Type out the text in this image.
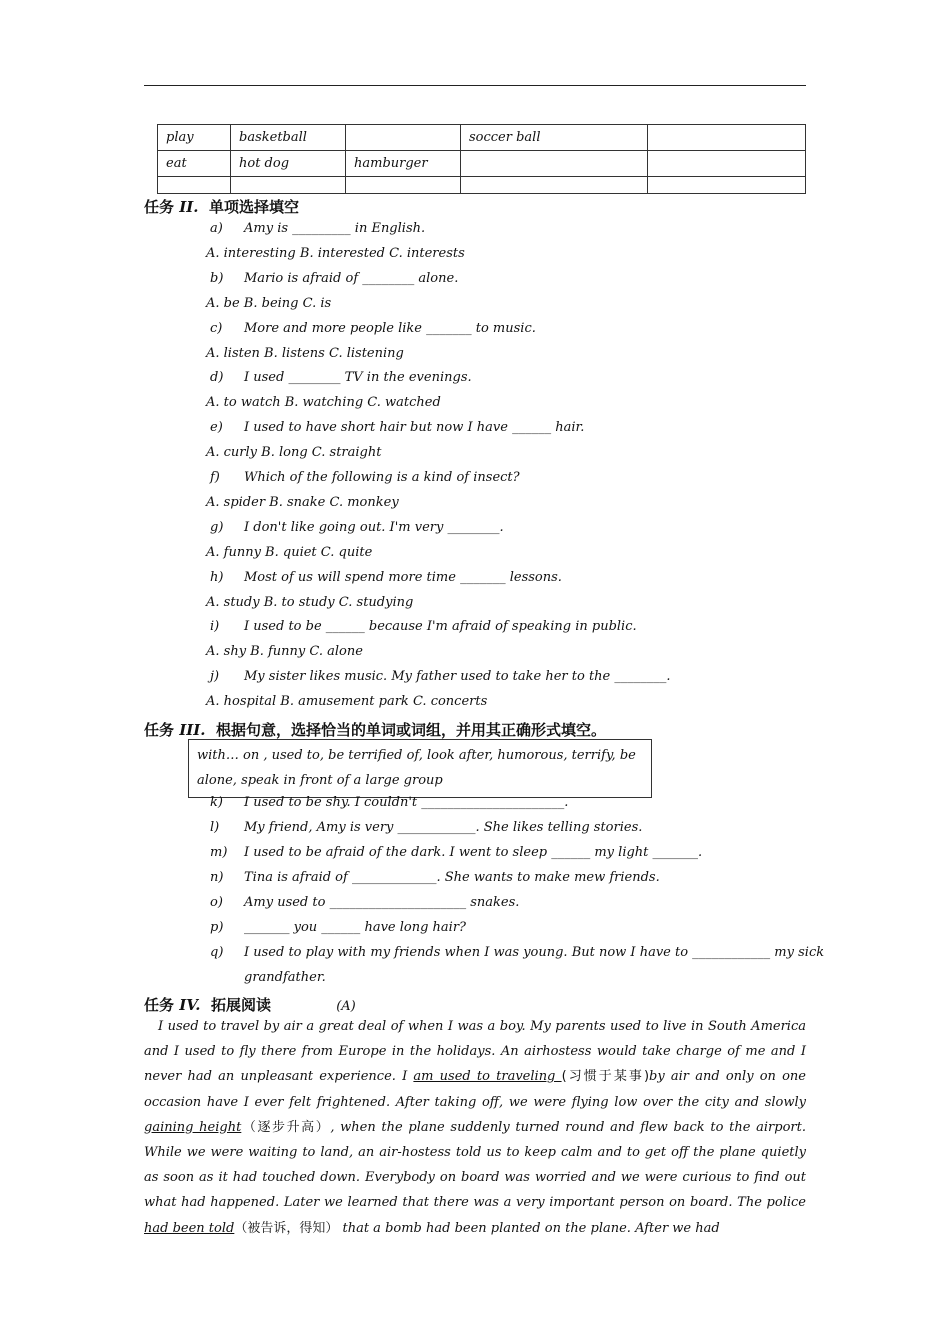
play	basketball		soccer ball	
eat	hot dog	hamburger		

任务 II. 单项选择填空
a) Amy is _________ in English.
A. interesting B. interested C. interests
b) Mario is afraid of ________ alone.
A. be B. being C. is
c) More and more people like _______ to music.
A. listen B. listens C. listening
d) I used ________ TV in the evenings.
A. to watch B. watching C. watched
e) I used to have short hair but now I have ______ hair.
A. curly B. long C. straight
f) Which of the following is a kind of insect?
A. spider B. snake C. monkey
g) I don't like going out. I'm very ________.
A. funny B. quiet C. quite
h) Most of us will spend more time _______ lessons.
A. study B. to study C. studying
i) I used to be ______ because I'm afraid of speaking in public.
A. shy B. funny C. alone
j) My sister likes music. My father used to take her to the ________.
A. hospital B. amusement park C. concerts
任务 III. 根据句意，选择恰当的单词或词组，并用其正确形式填空。
with… on , used to, be terrified of, look after, humorous, terrify, be alone, speak in front of a large group
k) I used to be shy. I couldn't ______________________.
l) My friend, Amy is very ____________. She likes telling stories.
m) I used to be afraid of the dark. I went to sleep ______ my light _______.
n) Tina is afraid of _____________. She wants to make mew friends.
o) Amy used to _____________________ snakes.
p) _______ you ______ have long hair?
q) I used to play with my friends when I was young. But now I have to ____________ my sick
grandfather.
任务 IV. 拓展阅读	(A)
I used to travel by air a great deal of when I was a boy. My parents used to live in South America and I used to fly there from Europe in the holidays. An airhostess would take charge of me and I never had an unpleasant experience. I am used to traveling (习惯于某事)by air and only on one occasion have I ever felt frightened. After taking off, we were flying low over the city and slowly gaining height（逐步升高）, when the plane suddenly turned round and flew back to the airport. While we were waiting to land, an air-hostess told us to keep calm and to get off the plane quietly as soon as it had touched down. Everybody on board was worried and we were curious to find out what had happened. Later we learned that there was a very important person on board. The police had been told（被告诉，得知） that a bomb had been planted on the plane. After we had
